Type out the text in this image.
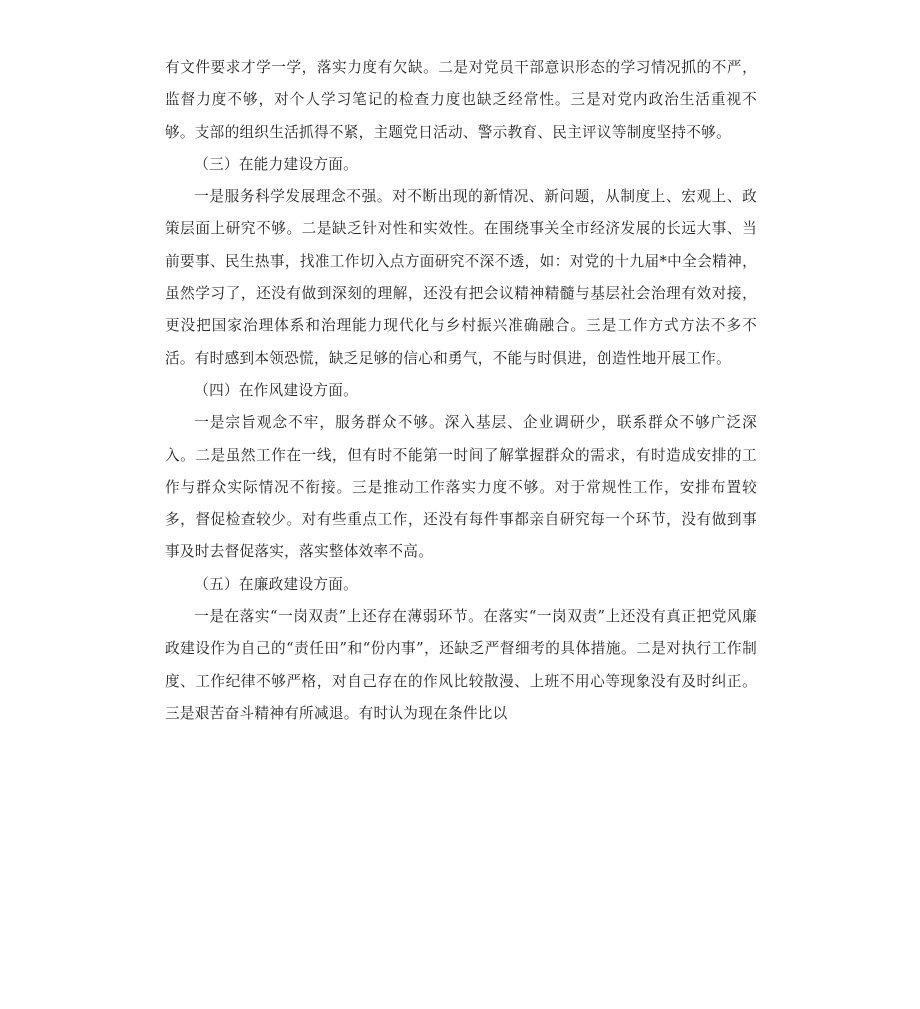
有文件要求才学一学，落实力度有欠缺。二是对党员干部意识形态的学习情况抓的不严，监督力度不够，对个人学习笔记的检查力度也缺乏经常性。三是对党内政治生活重视不够。支部的组织生活抓得不紧，主题党日活动、警示教育、民主评议等制度坚持不够。

（三）在能力建设方面。

一是服务科学发展理念不强。对不断出现的新情况、新问题，从制度上、宏观上、政策层面上研究不够。二是缺乏针对性和实效性。在围绕事关全市经济发展的长远大事、当前要事、民生热事，找准工作切入点方面研究不深不透，如：对党的十九届*中全会精神，虽然学习了，还没有做到深刻的理解，还没有把会议精神精髓与基层社会治理有效对接，更没把国家治理体系和治理能力现代化与乡村振兴准确融合。三是工作方式方法不多不活。有时感到本领恐慌，缺乏足够的信心和勇气，不能与时俱进，创造性地开展工作。

（四）在作风建设方面。

一是宗旨观念不牢，服务群众不够。深入基层、企业调研少，联系群众不够广泛深入。二是虽然工作在一线，但有时不能第一时间了解掌握群众的需求，有时造成安排的工作与群众实际情况不衔接。三是推动工作落实力度不够。对于常规性工作，安排布置较多，督促检查较少。对有些重点工作，还没有每件事都亲自研究每一个环节，没有做到事事及时去督促落实，落实整体效率不高。

（五）在廉政建设方面。

一是在落实“一岗双责”上还存在薄弱环节。在落实“一岗双责”上还没有真正把党风廉政建设作为自己的“责任田”和“份内事”，还缺乏严督细考的具体措施。二是对执行工作制度、工作纪律不够严格，对自己存在的作风比较散漫、上班不用心等现象没有及时纠正。三是艰苦奋斗精神有所减退。有时认为现在条件比以
